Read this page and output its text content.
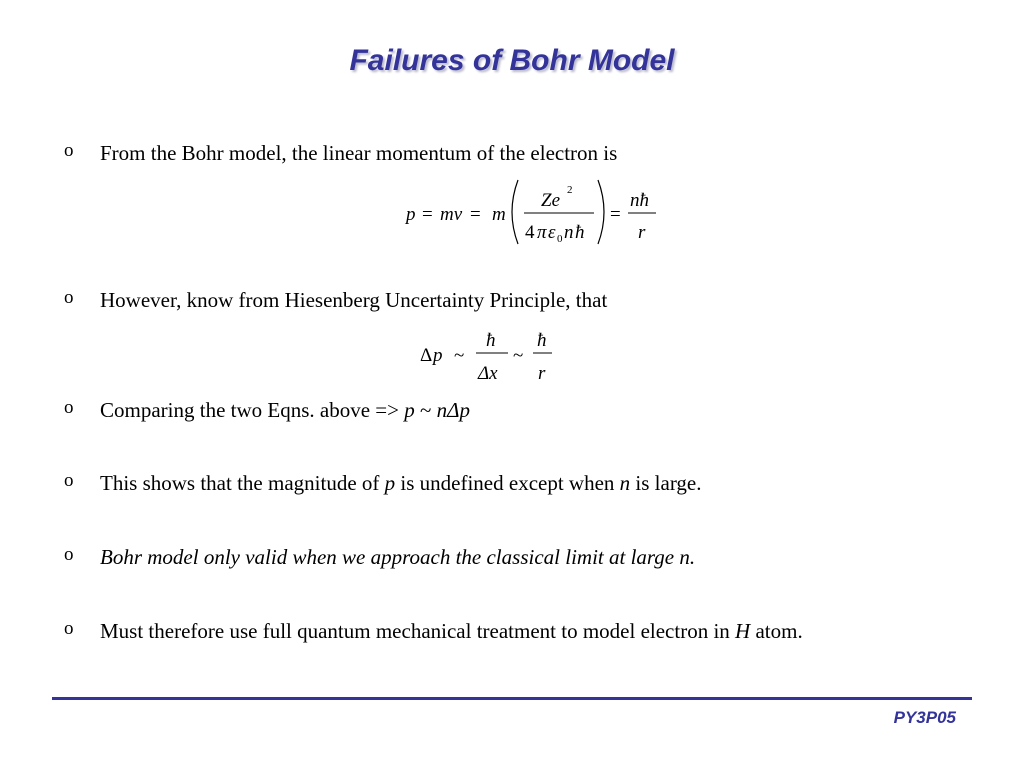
Failures of Bohr Model
o From the Bohr model, the linear momentum of the electron is
p = mv = m
Ze 2
4 π ε 0 n ħ
=
nħ
r
o However, know from Hiesenberg Uncertainty Principle, that
Δ p ~
ħ
Δx
~
ħ
r
o Comparing the two Eqns. above => p ~ nΔp
o This shows that the magnitude of p is undefined except when n is large.
o Bohr model only valid when we approach the classical limit at large n.
o Must therefore use full quantum mechanical treatment to model electron in H atom.
PY3P05
